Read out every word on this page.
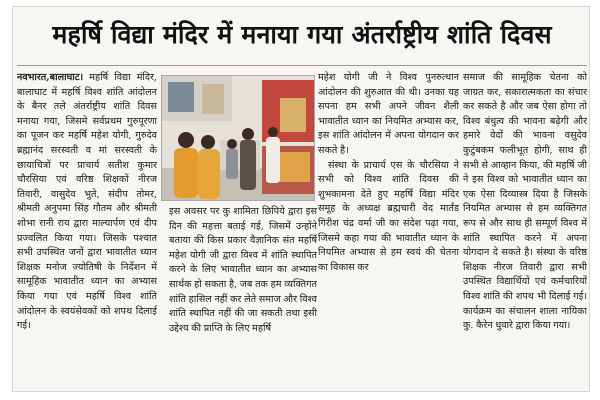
महर्षि विद्या मंदिर में मनाया गया अंतर्राष्ट्रीय शांति दिवस

नवभारत,बालाघाट। महर्षि विद्या मंदिर, बालाघाट में महर्षि विश्व शांति आंदोलन के बैनर तले अंतर्राष्ट्रीय शांति दिवस मनाया गया, जिसमे सर्वप्रथम गुरुपूरणा का पूजन कर महर्षि महेश योगी, गुरुदेव ब्रह्मानंद सरस्वती व मां सरस्वती के छायाचित्रों पर प्राचार्य सतीश कुमार चौरसिया एवं वरिष्ठ शिक्षकों नीरज तिवारी, वासुदेव भुते, संदीप तोमर, श्रीमती अनुपमा सिंह गौतम और श्रीमती शोभा रानी राय द्वारा माल्यार्पण एवं दीप प्रज्वलित किया गया। जिसके पश्चात सभी उपस्थित जनों द्वारा भावातीत ध्यान शिक्षक मनोज ज्योतिषी के निर्देशन में सामूहिक भावातीत ध्यान का अभ्यास किया गया एवं महर्षि विश्व शांति आंदोलन के स्वयंसेवकों को शपथ दिलाई गई।

इस अवसर पर कु शामिता छिपिये द्वारा इस दिन की महत्ता बताई गई, जिसमें उन्होंने बताया की किस प्रकार वैज्ञानिक संत महर्षि महेश योगी जी द्वारा विश्व में शांति स्थापित करने के लिए भावातीत ध्यान का अभ्यास सार्थक हो सकता है, जब तक हम व्यक्तिगत शांति हासिल नहीं कर लेते समाज और विश्व शांति स्थापित नहीं की जा सकती तथा इसी उद्देश्य की प्राप्ति के लिए महर्षि

महेश योगी जी ने विश्व पुनरुत्थान आंदोलन की शुरुआत की थी। उनका यह सपना हम सभी अपने जीवन शैली भावातीत ध्यान का नियमित अभ्यास कर, इस शांति आंदोलन में अपना योगदान कर सकते है।

संस्था के प्राचार्य एस के चौरसिया ने सभी को विश्व शांति दिवस की शुभकामना देते हुए महर्षि विद्या मंदिर समूह के अध्यक्ष ब्रह्मचारी वेद मार्तंड गिरीश चंद्र वर्मा जी का संदेश पढ़ा गया, जिसमे कहा गया की भावातीत ध्यान के नियमित अभ्यास से हम स्वयं की चेतना का विकास कर

समाज की सामूहिक चेतना को जाग्रत कर, सकारात्मकता का संचार कर सकते है और जब ऐसा होगा तो विश्व बंधुत्व की भावना बढ़ेगी और हमारे वेदों की भावना वसुदेव कुटुंबकम फलीभूत होगी, साथ ही सभी से आव्हान किया, की महर्षि जी ने इस विश्व को भावातीत ध्यान का एक ऐसा दिव्यास्त्र दिया है जिसके नियमित अभ्यास से हम व्यक्तिगत रूप से और साथ ही सम्पूर्ण विश्व में शांति स्थापित करने में अपना योगदान दे सकते है। संस्था के वरिष्ठ शिक्षक नीरज तिवारी द्वारा सभी उपस्थित विद्यार्थियों एवं कर्मचारियों विश्व शांति की शपथ भी दिलाई गई। कार्यक्रम का संचालन शाला नायिका कु. कैरेन धुवारे द्वारा किया गया।
